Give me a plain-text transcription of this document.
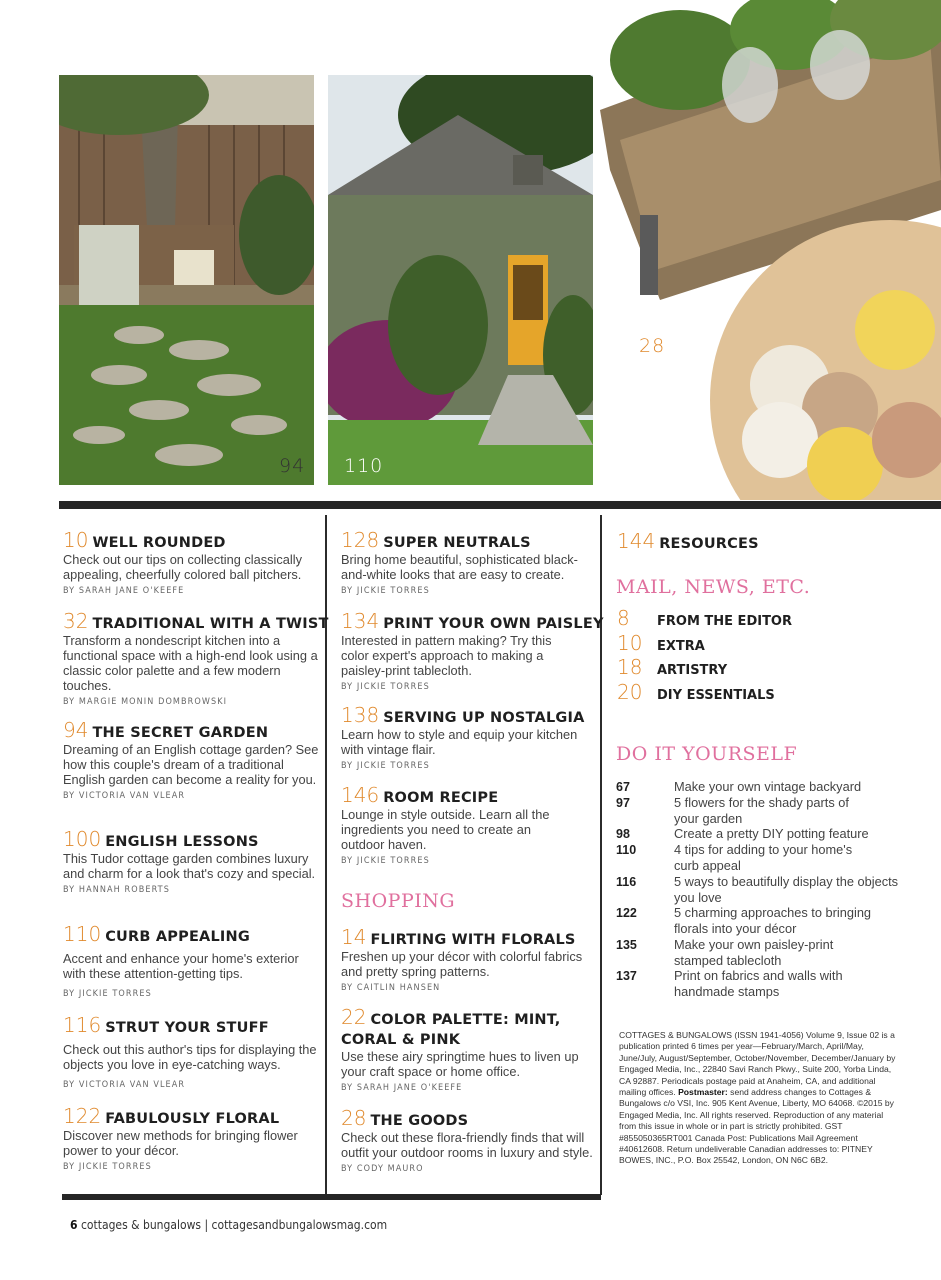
94 110
28
10 WELL ROUNDED
Check out our tips on collecting classically appealing, cheerfully colored ball pitchers.
BY SARAH JANE O'KEEFE
32 TRADITIONAL WITH A TWIST
Transform a nondescript kitchen into a functional space with a high-end look using a classic color palette and a few modern touches.
BY MARGIE MONIN DOMBROWSKI
94 THE SECRET GARDEN
Dreaming of an English cottage garden? See how this couple's dream of a traditional English garden can become a reality for you.
BY VICTORIA VAN VLEAR
100 ENGLISH LESSONS
This Tudor cottage garden combines luxury and charm for a look that's cozy and special.
BY HANNAH ROBERTS
110 CURB APPEALING
Accent and enhance your home's exterior with these attention-getting tips.
BY JICKIE TORRES
116 STRUT YOUR STUFF
Check out this author's tips for displaying the objects you love in eye-catching ways.
BY VICTORIA VAN VLEAR
122 FABULOUSLY FLORAL
Discover new methods for bringing flower power to your décor.
BY JICKIE TORRES
128 SUPER NEUTRALS
Bring home beautiful, sophisticated black-and-white looks that are easy to create.
BY JICKIE TORRES
134 PRINT YOUR OWN PAISLEY
Interested in pattern making? Try this color expert's approach to making a paisley-print tablecloth.
BY JICKIE TORRES
138 SERVING UP NOSTALGIA
Learn how to style and equip your kitchen with vintage flair.
BY JICKIE TORRES
146 ROOM RECIPE
Lounge in style outside. Learn all the ingredients you need to create an outdoor haven.
BY JICKIE TORRES
SHOPPING
14 FLIRTING WITH FLORALS
Freshen up your décor with colorful fabrics and pretty spring patterns.
BY CAITLIN HANSEN
22 COLOR PALETTE: MINT,
CORAL & PINK
Use these airy springtime hues to liven up your craft space or home office.
BY SARAH JANE O'KEEFE
28 THE GOODS
Check out these flora-friendly finds that will outfit your outdoor rooms in luxury and style.
BY CODY MAURO
144 RESOURCES
MAIL, NEWS, ETC.
8	FROM THE EDITOR
10	EXTRA
18	ARTISTRY
20	DIY ESSENTIALS
DO IT YOURSELF
67	Make your own vintage backyard
97	5 flowers for the shady parts of your garden
98	Create a pretty DIY potting feature
110	4 tips for adding to your home's curb appeal
116	5 ways to beautifully display the objects you love
122	5 charming approaches to bringing florals into your décor
135	Make your own paisley-print stamped tablecloth
137	Print on fabrics and walls with handmade stamps
COTTAGES & BUNGALOWS (ISSN 1941-4056) Volume 9, Issue 02 is a publication printed 6 times per year—February/March, April/May, June/July, August/September, October/November, December/January by Engaged Media, Inc., 22840 Savi Ranch Pkwy., Suite 200, Yorba Linda, CA 92887. Periodicals postage paid at Anaheim, CA, and additional mailing offices. Postmaster: send address changes to Cottages & Bungalows c/o VSI, Inc. 905 Kent Avenue, Liberty, MO 64068. ©2015 by Engaged Media, Inc. All rights reserved. Reproduction of any material from this issue in whole or in part is strictly prohibited. GST #855050365RT001 Canada Post: Publications Mail Agreement #40612608. Return undeliverable Canadian addresses to: PITNEY BOWES, INC., P.O. Box 25542, London, ON N6C 6B2.
6 cottages & bungalows | cottagesandbungalowsmag.com
